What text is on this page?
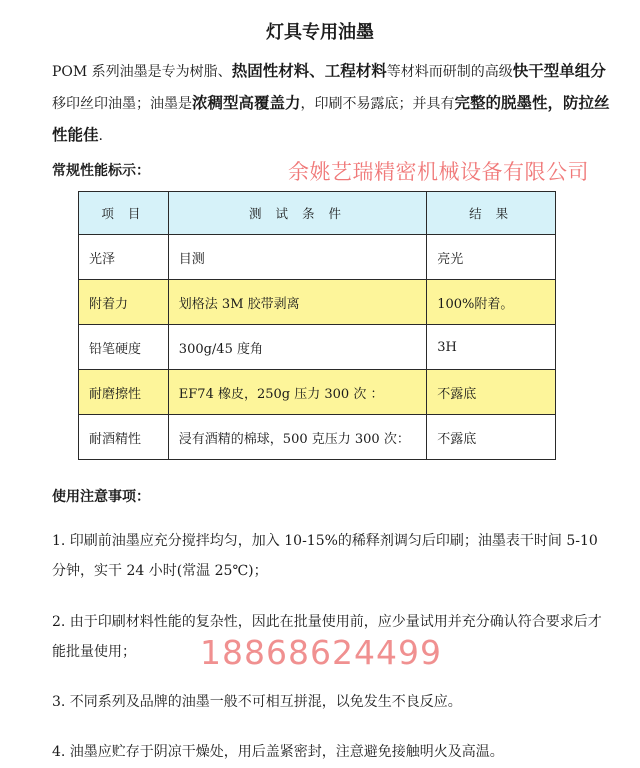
灯具专用油墨
POM 系列油墨是专为树脂、热固性材料、工程材料等材料而研制的高级快干型单组分移印丝印油墨；油墨是浓稠型高覆盖力，印刷不易露底；并具有完整的脱墨性，防拉丝性能佳.
常规性能标示：	余姚艺瑞精密机械设备有限公司
项 目	测 试 条 件	结 果
光泽	目测	亮光
附着力	划格法 3M 胶带剥离	100%附着。
铅笔硬度	300g/45 度角	3H
耐磨擦性	EF74 橡皮，250g 压力 300 次 ：	不露底
耐酒精性	浸有酒精的棉球，500 克压力 300 次：	不露底
使用注意事项：
1. 印刷前油墨应充分搅拌均匀，加入 10-15%的稀释剂调匀后印刷；油墨表干时间 5-10 分钟，实干 24 小时(常温 25℃)；
2. 由于印刷材料性能的复杂性，因此在批量使用前，应少量试用并充分确认符合要求后才能批量使用；
3. 不同系列及品牌的油墨一般不可相互拼混，以免发生不良反应。
4. 油墨应贮存于阴凉干燥处，用后盖紧密封，注意避免接触明火及高温。
18868624499
